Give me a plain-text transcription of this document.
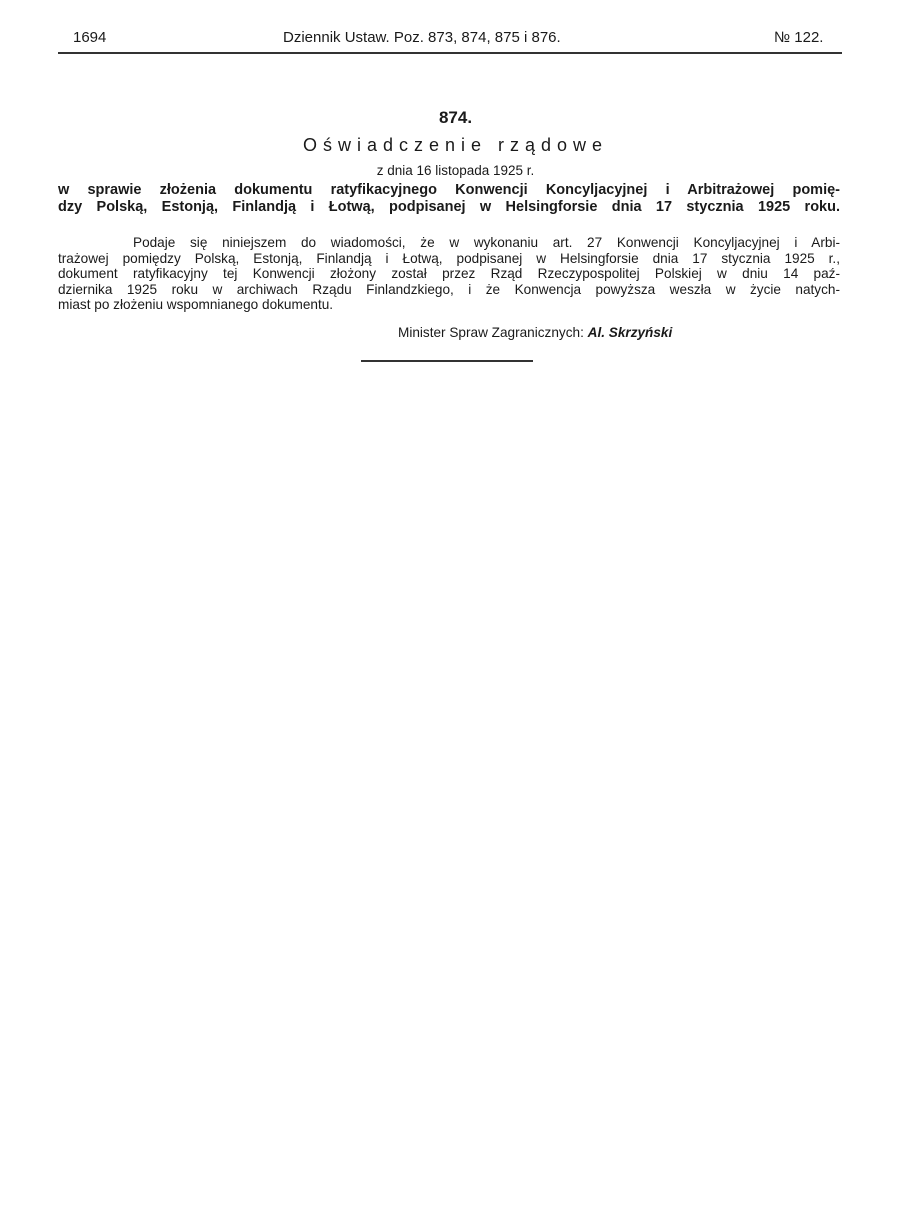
1694	Dziennik Ustaw. Poz. 873, 874, 875 i 876.	№ 122.
874.
Oświadczenie rządowe
z dnia 16 listopada 1925 r.
w sprawie złożenia dokumentu ratyfikacyjnego Konwencji Koncyljacyjnej i Arbitrażowej pomię-
dzy Polską, Estonją, Finlandją i Łotwą, podpisanej w Helsingforsie dnia 17 stycznia 1925 roku.
Podaje się niniejszem do wiadomości, że w wykonaniu art. 27 Konwencji Koncyljacyjnej i Arbi-
trażowej pomiędzy Polską, Estonją, Finlandją i Łotwą, podpisanej w Helsingforsie dnia 17 stycznia 1925 r.,
dokument ratyfikacyjny tej Konwencji złożony został przez Rząd Rzeczypospolitej Polskiej w dniu 14 paź-
dziernika 1925 roku w archiwach Rządu Finlandzkiego, i że Konwencja powyższa weszła w życie natych-
miast po złożeniu wspomnianego dokumentu.
Minister Spraw Zagranicznych: Al. Skrzyński
